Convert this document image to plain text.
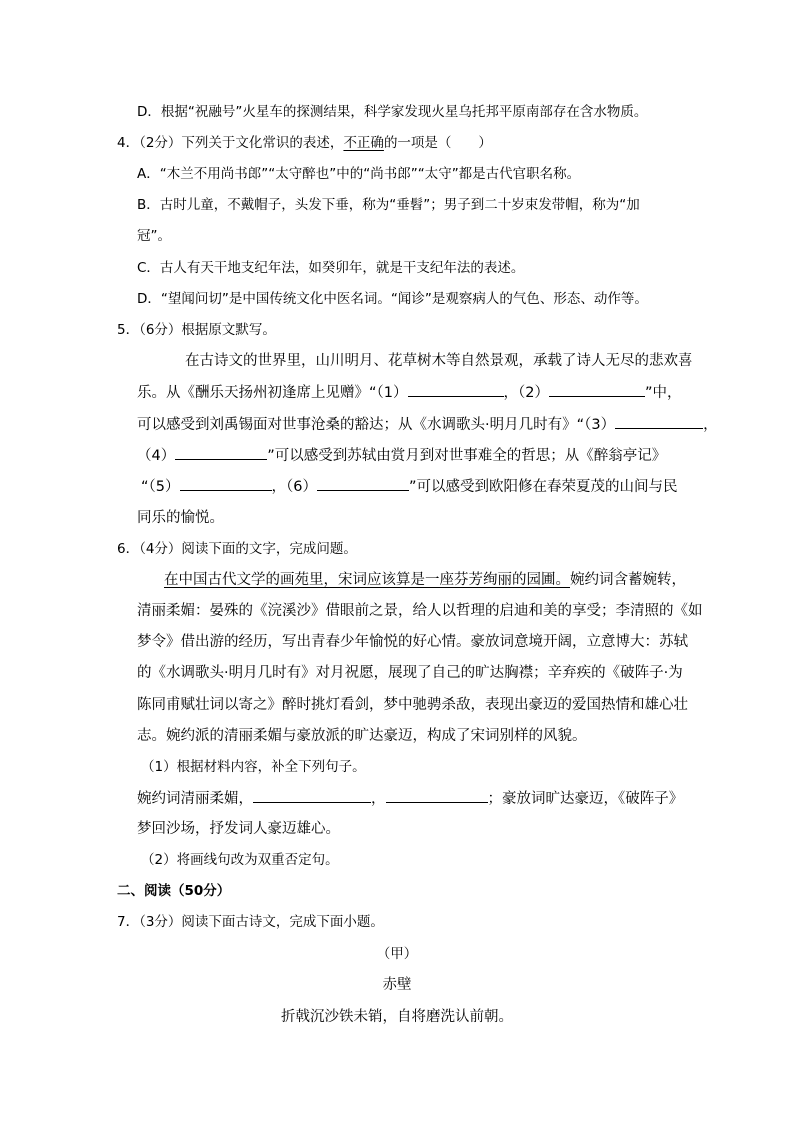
D．根据“祝融号”火星车的探测结果，科学家发现火星乌托邦平原南部存在含水物质。
4．（2分）下列关于文化常识的表述，不正确的一项是（　　）
A．“木兰不用尚书郎”“太守醉也”中的“尚书郎”“太守”都是古代官职名称。
B．古时儿童，不戴帽子，头发下垂，称为“垂髫”；男子到二十岁束发带帽，称为“加
冠”。
C．古人有天干地支纪年法，如癸卯年，就是干支纪年法的表述。
D．“望闻问切”是中国传统文化中医名词。“闻诊”是观察病人的气色、形态、动作等。
5．（6分）根据原文默写。
在古诗文的世界里，山川明月、花草树木等自然景观，承载了诗人无尽的悲欢喜
乐。从《酬乐天扬州初逢席上见赠》“（1）	，（2）	”中，
可以感受到刘禹锡面对世事沧桑的豁达；从《水调歌头·明月几时有》“（3）	，
（4）	”可以感受到苏轼由赏月到对世事难全的哲思；从《醉翁亭记》
“（5）	，（6）	”可以感受到欧阳修在春荣夏茂的山间与民
同乐的愉悦。
6．（4分）阅读下面的文字，完成问题。
在中国古代文学的画苑里，宋词应该算是一座芬芳绚丽的园圃。婉约词含蓄婉转，
清丽柔媚：晏殊的《浣溪沙》借眼前之景，给人以哲理的启迪和美的享受；李清照的《如
梦令》借出游的经历，写出青春少年愉悦的好心情。豪放词意境开阔，立意博大：苏轼
的《水调歌头·明月几时有》对月祝愿，展现了自己的旷达胸襟；辛弃疾的《破阵子·为
陈同甫赋壮词以寄之》醉时挑灯看剑，梦中驰骋杀敌，表现出豪迈的爱国热情和雄心壮
志。婉约派的清丽柔媚与豪放派的旷达豪迈，构成了宋词别样的风貌。
（1）根据材料内容，补全下列句子。
婉约词清丽柔媚，	，	；豪放词旷达豪迈，《破阵子》
梦回沙场，抒发词人豪迈雄心。
（2）将画线句改为双重否定句。
二、阅读（50分）
7．（3分）阅读下面古诗文，完成下面小题。
（甲）
赤壁
折戟沉沙铁未销，自将磨洗认前朝。
